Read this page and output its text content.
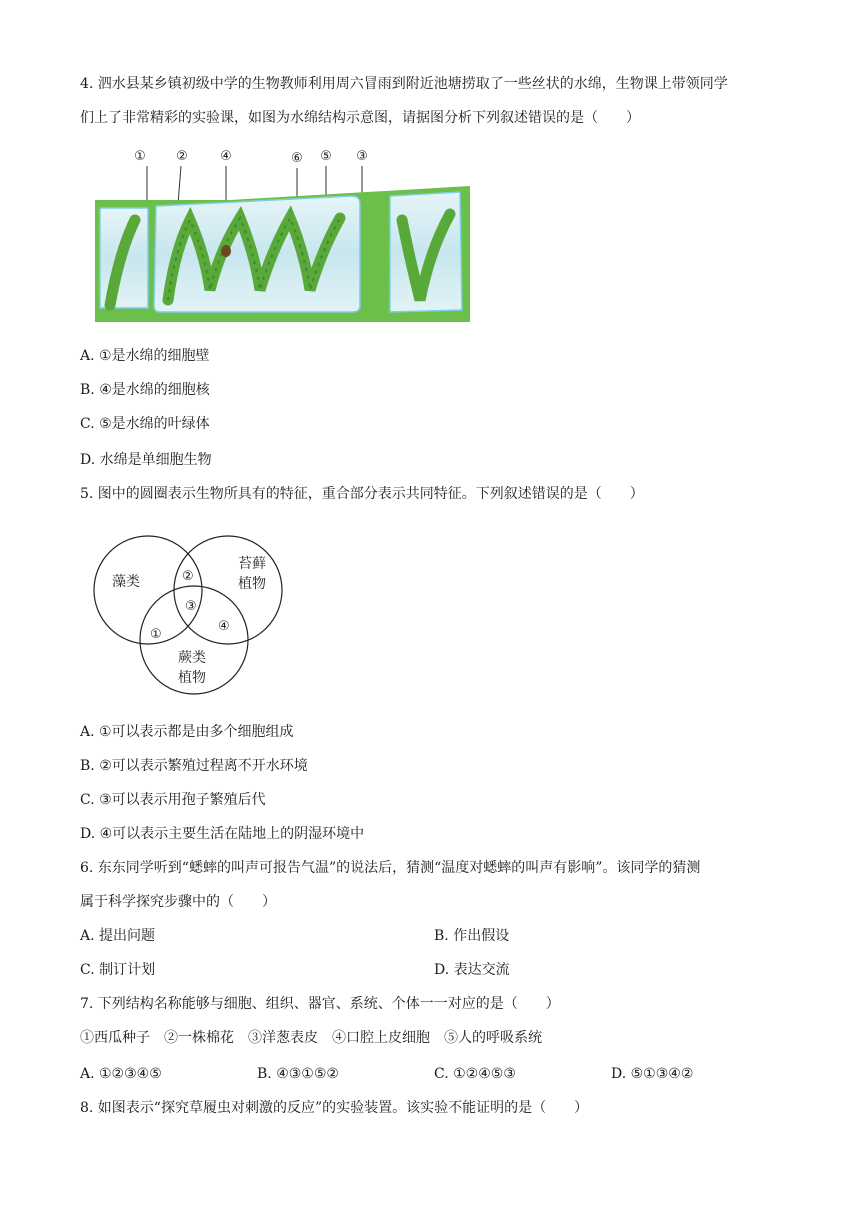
4. 泗水县某乡镇初级中学的生物教师利用周六冒雨到附近池塘捞取了一些丝状的水绵，生物课上带领同学
们上了非常精彩的实验课，如图为水绵结构示意图，请据图分析下列叙述错误的是（　　）
① ② ④	⑥ ⑤ ③
A. ①是水绵的细胞壁
B. ④是水绵的细胞核
C. ⑤是水绵的叶绿体
D. 水绵是单细胞生物
5. 图中的圆圈表示生物所具有的特征，重合部分表示共同特征。下列叙述错误的是（　　）
藻类
苔藓
植物
蕨类
植物
②
③
①
④
A. ①可以表示都是由多个细胞组成
B. ②可以表示繁殖过程离不开水环境
C. ③可以表示用孢子繁殖后代
D. ④可以表示主要生活在陆地上的阴湿环境中
6. 东东同学听到“蟋蟀的叫声可报告气温”的说法后，猜测“温度对蟋蟀的叫声有影响”。该同学的猜测
属于科学探究步骤中的（　　）
A. 提出问题	B. 作出假设
C. 制订计划	D. 表达交流
7. 下列结构名称能够与细胞、组织、器官、系统、个体一一对应的是（　　）
①西瓜种子　②一株棉花　③洋葱表皮　④口腔上皮细胞　⑤人的呼吸系统
A. ①②③④⑤	B. ④③①⑤②	C. ①②④⑤③	D. ⑤①③④②
8. 如图表示“探究草履虫对刺激的反应”的实验装置。该实验不能证明的是（　　）
